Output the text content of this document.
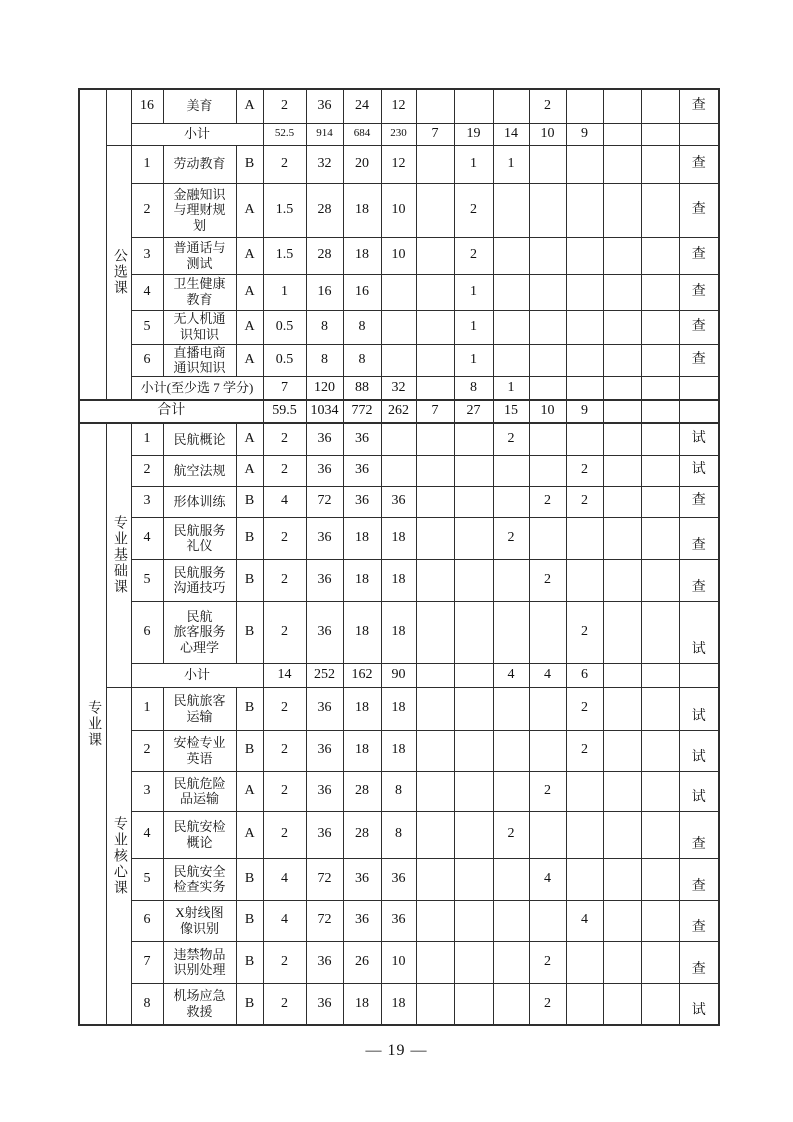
		16	美育	A	2	36	24	12				2				查
		小计			52.5	914	684	230	7	19	14	10	9			
	公选课	1	劳动教育	B	2	32	20	12		1	1					查
		2	金融知识
与理财规
划	A	1.5	28	18	10		2						查
		3	普通话与
测试	A	1.5	28	18	10		2						查
		4	卫生健康
教育	A	1	16	16			1						查
		5	无人机通
识知识	A	0.5	8	8			1						查
		6	直播电商
通识知识	A	0.5	8	8			1						查
		小计(至少选 7 学分)			7	120	88	32		8	1					
合计					59.5	1034	772	262	7	27	15	10	9			
专业课	专业基础课	1	民航概论	A	2	36	36				2					试
		2	航空法规	A	2	36	36						2			试
		3	形体训练	B	4	72	36	36				2	2			查
		4	民航服务
礼仪	B	2	36	18	18			2					查
		5	民航服务
沟通技巧	B	2	36	18	18				2				查
		6	民航
旅客服务
心理学	B	2	36	18	18					2			试
		小计			14	252	162	90			4	4	6			
	专业核心课	1	民航旅客
运输	B	2	36	18	18					2			试
		2	安检专业
英语	B	2	36	18	18					2			试
		3	民航危险
品运输	A	2	36	28	8				2				试
		4	民航安检
概论	A	2	36	28	8			2					查
		5	民航安全
检查实务	B	4	72	36	36				4				查
		6	X射线图
像识别	B	4	72	36	36					4			查
		7	违禁物品
识别处理	B	2	36	26	10				2				查
		8	机场应急
救援	B	2	36	18	18				2				试
— 19 —
